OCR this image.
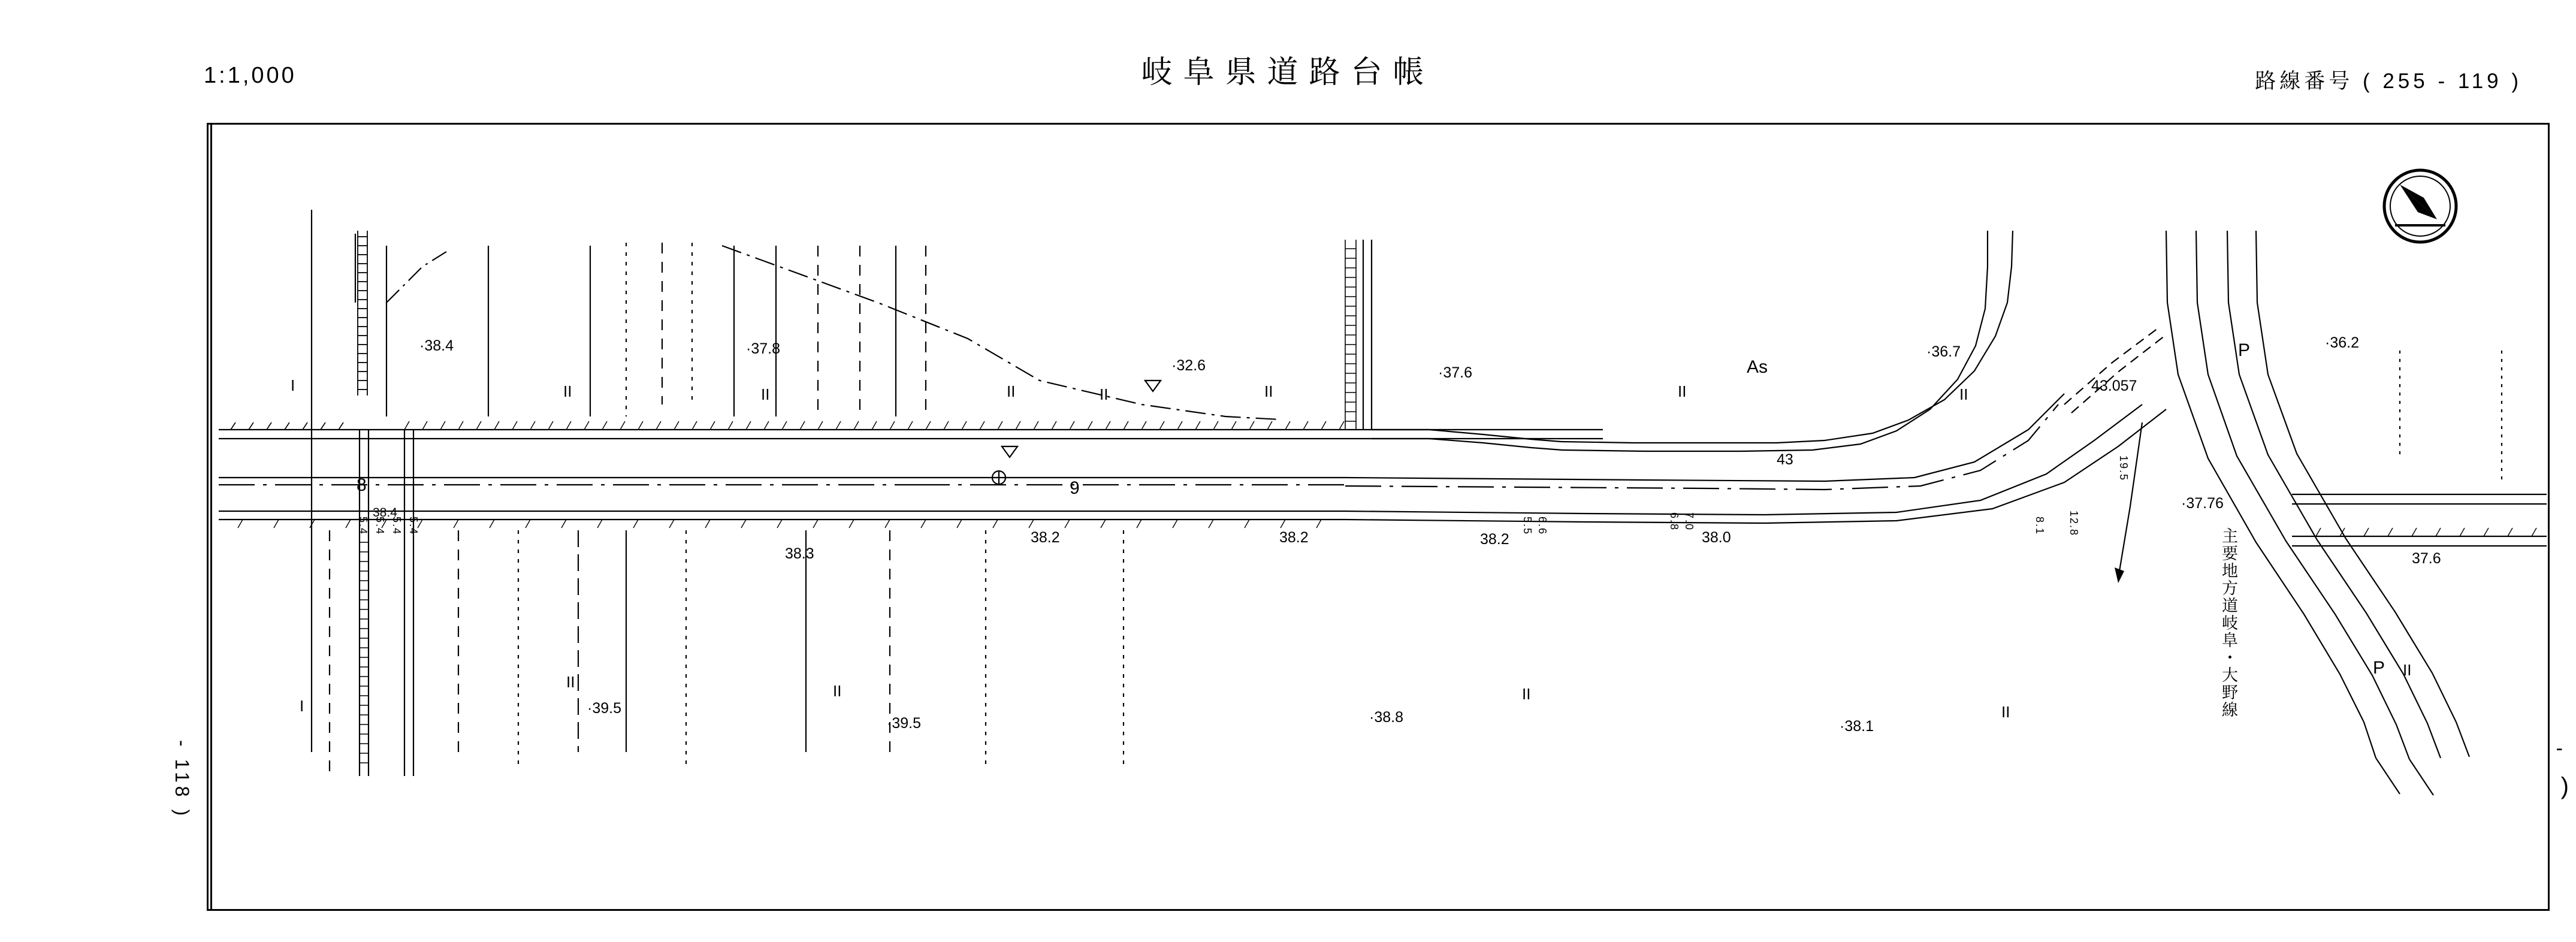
1:1,000	岐阜県道路台帳	路線番号 ( 255 - 119 )
- 118 )	-
)
As
主要地方道岐阜・大野線
I	II	II	II	II	II	II	II
I
II	II	II
II
·38.4	·37.8
·32.6	·37.6
·36.7
·36.2
·37.76
37.6
·39.5
·39.5	·38.8
·38.1
38.3
38.2	38.2	38.2	38.0
8	9
43
43.057
5.4 5.4 5.4 5.4	5.5 6.6	6.8 7.0	8.1 12.8
19.5
38.4
P
P II
